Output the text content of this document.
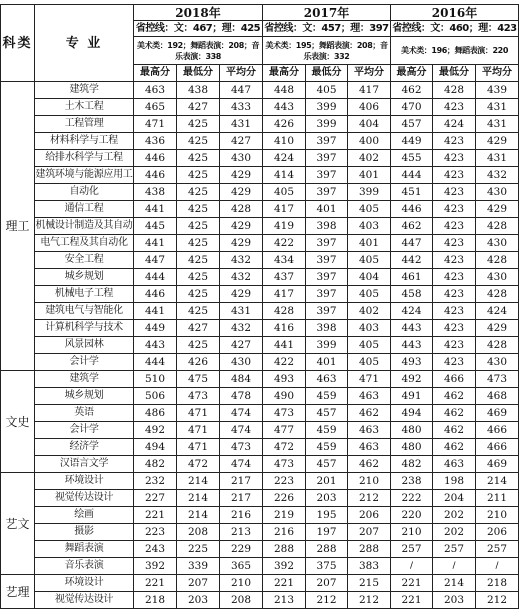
科类	专 业	2018年			2017年			2016年		
		省控线：文：467；理：425			省控线：文：457；理：397			省控线：文：460；理：423		
		美术类：192；舞蹈表演：208；音乐表演：338			美术类：195；舞蹈表演：208；音乐表演：332			美术类：196；舞蹈表演：220		
		最高分	最低分	平均分	最高分	最低分	平均分	最高分	最低分	平均分
理工	建筑学	463	438	447	448	405	417	462	428	439
	土木工程	465	427	433	443	399	406	470	423	431
	工程管理	471	425	431	426	399	404	457	424	431
	材料科学与工程	436	425	427	410	397	400	449	423	429
	给排水科学与工程	446	425	430	424	397	402	455	423	431
	建筑环境与能源应用工	446	425	429	414	397	401	444	423	432
	自动化	438	425	429	405	397	399	451	423	430
	通信工程	441	425	428	417	401	405	446	423	429
	机械设计制造及其自动	445	425	429	419	398	403	462	423	428
	电气工程及其自动化	441	425	429	422	397	401	447	423	430
	安全工程	447	425	432	434	397	405	442	423	428
	城乡规划	444	425	432	437	397	404	461	423	430
	机械电子工程	446	425	429	417	397	405	458	423	428
	建筑电气与智能化	441	425	431	428	397	402	424	423	424
	计算机科学与技术	449	427	432	416	398	403	443	423	429
	风景园林	443	425	427	441	399	405	443	423	428
	会计学	444	426	430	422	401	405	493	423	430
文史	建筑学	510	475	484	493	463	471	492	466	473
	城乡规划	506	473	478	490	459	463	491	462	468
	英语	486	471	474	473	457	462	494	462	469
	会计学	492	471	474	477	459	463	480	462	466
	经济学	494	471	473	472	459	463	480	462	466
	汉语言文学	482	472	474	473	457	462	482	463	469
艺文	环境设计	232	214	217	223	201	210	238	198	214
	视觉传达设计	227	214	217	226	203	212	222	204	211
	绘画	221	214	216	219	195	206	220	202	210
	摄影	223	208	213	216	197	207	210	202	206
	舞蹈表演	243	225	229	288	288	288	257	257	257
	音乐表演	392	339	365	392	375	383	/	/	/
艺理	环境设计	221	207	210	221	207	215	221	214	218
	视觉传达设计	218	203	208	213	212	212	221	203	212
